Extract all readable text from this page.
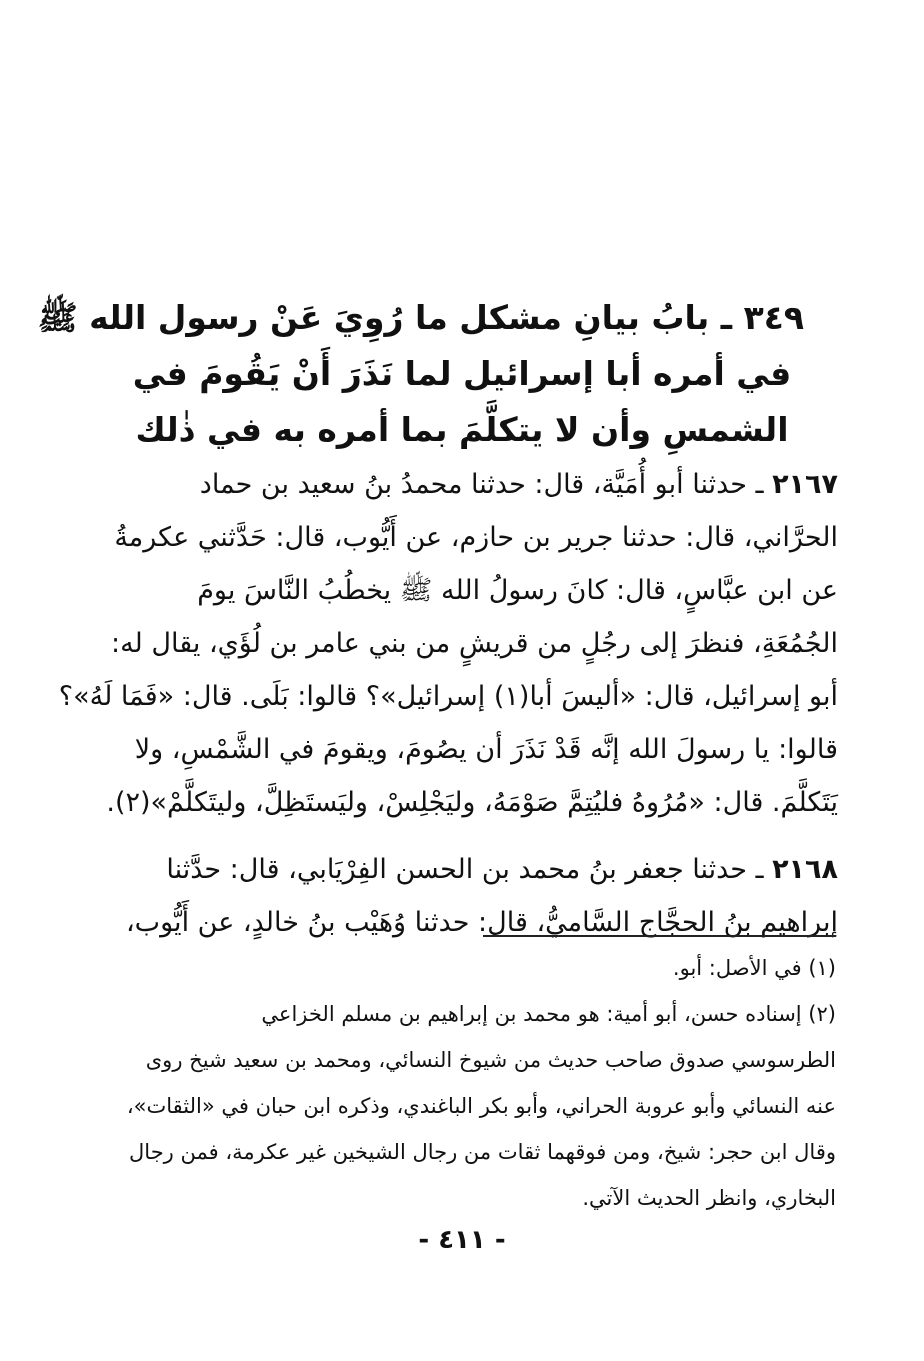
٣٤٩ ـ بابُ بيانِ مشكل ما رُوِيَ عَنْ رسول الله ﷺ
في أمره أبا إسرائيل لما نَذَرَ أَنْ يَقُومَ في
الشمسِ وأن لا يتكلَّمَ بما أمره به في ذٰلك
٢١٦٧ ـ حدثنا أبو أُمَيَّة، قال: حدثنا محمدُ بنُ سعيد بن حماد
الحرَّاني، قال: حدثنا جرير بن حازم، عن أَيُّوب، قال: حَدَّثني عكرمةُ
عن ابن عبَّاسٍ، قال: كانَ رسولُ الله ﷺ يخطُبُ النَّاسَ يومَ
الجُمُعَةِ، فنظرَ إلى رجُلٍ من قريشٍ من بني عامر بن لُؤَي، يقال له:
أبو إسرائيل، قال: «أليسَ أبا(١) إسرائيل»؟ قالوا: بَلَى. قال: «فَمَا لَهُ»؟
قالوا: يا رسولَ الله إنَّه قَدْ نَذَرَ أن يصُومَ، ويقومَ في الشَّمْسِ، ولا
يَتَكلَّمَ. قال: «مُرُوهُ فليُتِمَّ صَوْمَهُ، وليَجْلِسْ، وليَستَظِلَّ، وليتَكلَّمْ»(٢).
٢١٦٨ ـ حدثنا جعفر بنُ محمد بن الحسن الفِرْيَابي، قال: حدَّثنا
إبراهيم بنُ الحجَّاج السَّاميُّ، قال: حدثنا وُهَيْب بنُ خالدٍ، عن أَيُّوب،
(١) في الأصل: أبو.
(٢) إسناده حسن، أبو أمية: هو محمد بن إبراهيم بن مسلم الخزاعي
الطرسوسي صدوق صاحب حديث من شيوخ النسائي، ومحمد بن سعيد شيخ روى
عنه النسائي وأبو عروبة الحراني، وأبو بكر الباغندي، وذكره ابن حبان في «الثقات»،
وقال ابن حجر: شيخ، ومن فوقهما ثقات من رجال الشيخين غير عكرمة، فمن رجال
البخاري، وانظر الحديث الآتي.
- ٤١١ -
